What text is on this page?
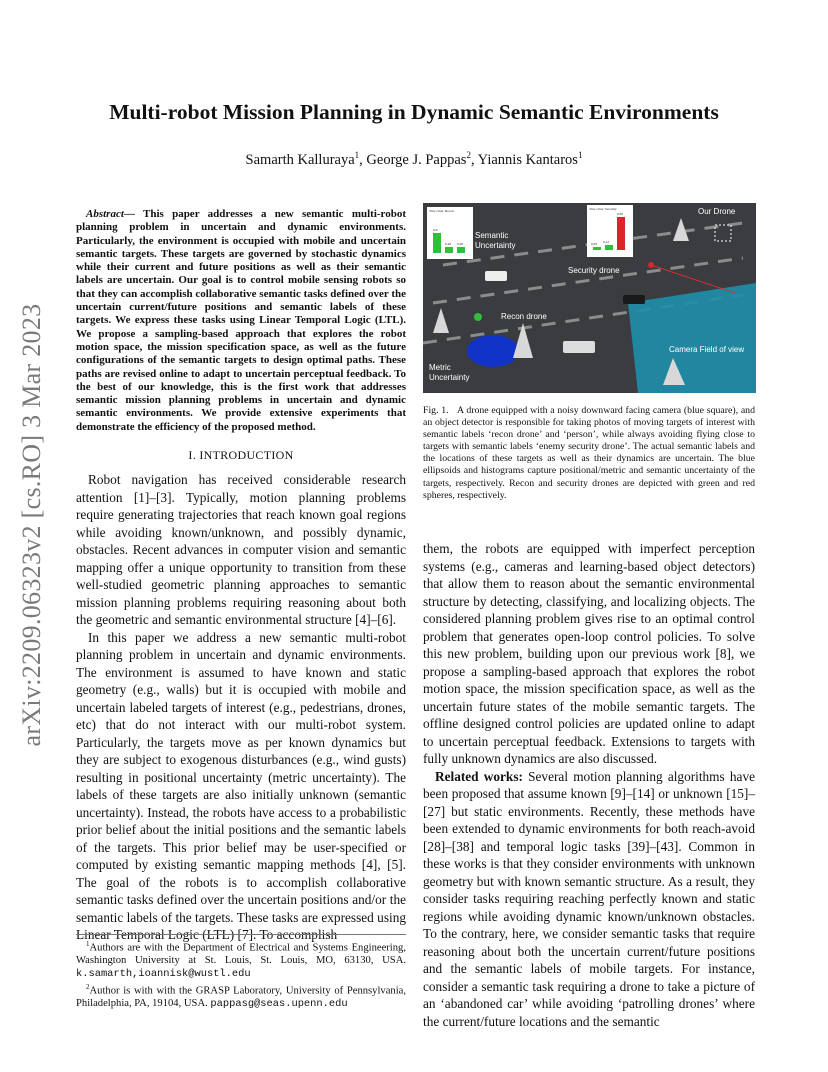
arXiv:2209.06323v2 [cs.RO] 3 Mar 2023
Multi-robot Mission Planning in Dynamic Semantic Environments
Samarth Kalluraya$^1$, George J. Pappas$^2$, Yiannis Kantaros$^1$

Abstract— This paper addresses a new semantic multi-robot planning problem in uncertain and dynamic environments. Particularly, the environment is occupied with mobile and uncertain semantic targets. These targets are governed by stochastic dynamics while their current and future positions as well as their semantic labels are uncertain. Our goal is to control mobile sensing robots so that they can accomplish collaborative semantic tasks defined over the uncertain current/future positions and semantic labels of these targets. We express these tasks using Linear Temporal Logic (LTL). We propose a sampling-based approach that explores the robot motion space, the mission specification space, as well as the future configurations of the semantic targets to design optimal paths. These paths are revised online to adapt to uncertain perceptual feedback. To the best of our knowledge, this is the first work that addresses semantic mission planning problems in uncertain and dynamic semantic environments. We provide extensive experiments that demonstrate the efficiency of the proposed method.

I. INTRODUCTION

Robot navigation has received considerable research attention [1]–[3]. Typically, motion planning problems require generating trajectories that reach known goal regions while avoiding known/unknown, and possibly dynamic, obstacles. Recent advances in computer vision and semantic mapping offer a unique opportunity to transition from these well-studied geometric planning approaches to semantic mission planning problems requiring reasoning about both the geometric and semantic environmental structure [4]–[6].

In this paper we address a new semantic multi-robot planning problem in uncertain and dynamic environments. The environment is assumed to have known and static geometry (e.g., walls) but it is occupied with mobile and uncertain labeled targets of interest (e.g., pedestrians, drones, etc) that do not interact with our multi-robot system. Particularly, the targets move as per known dynamics but they are subject to exogenous disturbances (e.g., wind gusts) resulting in positional uncertainty (metric uncertainty). The labels of these targets are also initially unknown (semantic uncertainty). Instead, the robots have access to a probabilistic prior belief about the initial positions and the semantic labels of the targets. This prior belief may be user-specified or computed by existing semantic mapping methods [4], [5]. The goal of the robots is to accomplish collaborative semantic tasks defined over the uncertain positions and/or the semantic labels of the targets. These tasks are expressed using Linear Temporal Logic (LTL) [7]. To accomplish

$^1$Authors are with the Department of Electrical and Systems Engineering, Washington University at St. Louis, St. Louis, MO, 63130, USA. k.samarth,ioannisk@wustl.edu

$^2$Author is with with the GRASP Laboratory, University of Pennsylvania, Philadelphia, PA, 19104, USA. pappasg@seas.upenn.edu

0.6
0.20 0.20
True class: Recon
0.03 0.12
0.85
True class: Security
Semantic Uncertainty
Security drone
Recon drone
Metric Uncertainty
Camera Field of view
Our Drone

Fig. 1. A drone equipped with a noisy downward facing camera (blue square), and an object detector is responsible for taking photos of moving targets of interest with semantic labels ‘recon drone’ and ‘person’, while always avoiding flying close to targets with semantic labels ‘enemy security drone’. The actual semantic labels and the locations of these targets as well as their dynamics are uncertain. The blue ellipsoids and histograms capture positional/metric and semantic uncertainty of the targets, respectively. Recon and security drones are depicted with green and red spheres, respectively.

them, the robots are equipped with imperfect perception systems (e.g., cameras and learning-based object detectors) that allow them to reason about the semantic environmental structure by detecting, classifying, and localizing objects. The considered planning problem gives rise to an optimal control problem that generates open-loop control policies. To solve this new problem, building upon our previous work [8], we propose a sampling-based approach that explores the robot motion space, the mission specification space, as well as the uncertain future states of the mobile semantic targets. The offline designed control policies are updated online to adapt to uncertain perceptual feedback. Extensions to targets with fully unknown dynamics are also discussed.

Related works: Several motion planning algorithms have been proposed that assume known [9]–[14] or unknown [15]–[27] but static environments. Recently, these methods have been extended to dynamic environments for both reach-avoid [28]–[38] and temporal logic tasks [39]–[43]. Common in these works is that they consider environments with unknown geometry but with known semantic structure. As a result, they consider tasks requiring reaching perfectly known and static regions while avoiding dynamic known/unknown obstacles. To the contrary, here, we consider semantic tasks that require reasoning about both the uncertain current/future positions and the semantic labels of mobile targets. For instance, consider a semantic task requiring a drone to take a picture of an ‘abandoned car’ while avoiding ‘patrolling drones’ where the current/future locations and the semantic
